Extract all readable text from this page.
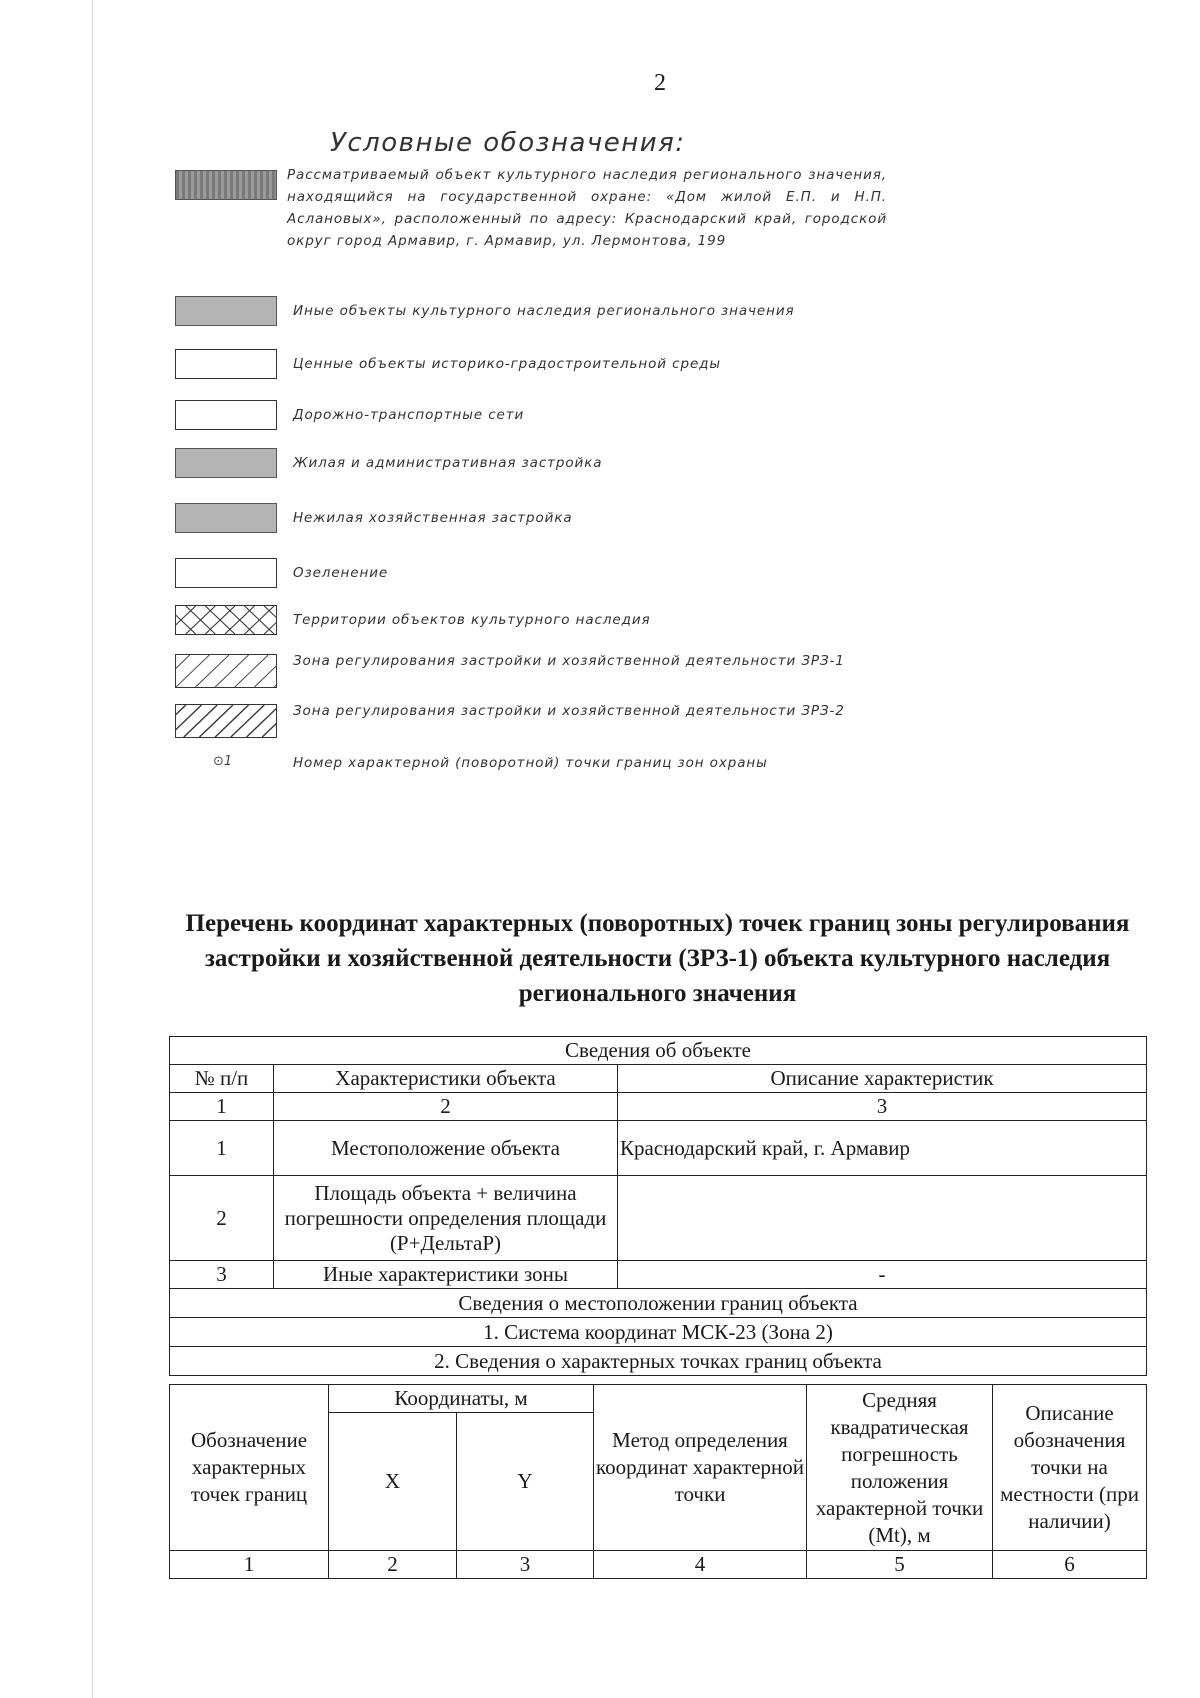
2
Условные обозначения:
Рассматриваемый объект культурного наследия регионального значения, находящийся на государственной охране: «Дом жилой Е.П. и Н.П. Аслановых», расположенный по адресу: Краснодарский край, городской округ город Армавир, г. Армавир, ул. Лермонтова, 199
Иные объекты культурного наследия регионального значения
Ценные объекты историко-градостроительной среды
Дорожно-транспортные сети
Жилая и административная застройка
Нежилая хозяйственная застройка
Озеленение
Территории объектов культурного наследия
Зона регулирования застройки и хозяйственной деятельности ЗРЗ-1
Зона регулирования застройки и хозяйственной деятельности ЗРЗ-2
⊙1	Номер характерной (поворотной) точки границ зон охраны
Перечень координат характерных (поворотных) точек границ зоны регулирования застройки и хозяйственной деятельности (ЗРЗ-1) объекта культурного наследия регионального значения
Сведения об объекте		
№ п/п	Характеристики объекта	Описание характеристик
1	2	3
1	Местоположение объекта	Краснодарский край, г. Армавир
2	Площадь объекта + величина погрешности определения площади (Р+ДельтаР)	
3	Иные характеристики зоны	-
Сведения о местоположении границ объекта		
1. Система координат МСК-23 (Зона 2)		
2. Сведения о характерных точках границ объекта		
Обозначение характерных точек границ	Координаты, м		Метод определения координат характерной точки	Средняя квадратическая погрешность положения характерной точки (Mt), м	Описание обозначения точки на местности (при наличии)
	X	Y			
1	2	3	4	5	6
